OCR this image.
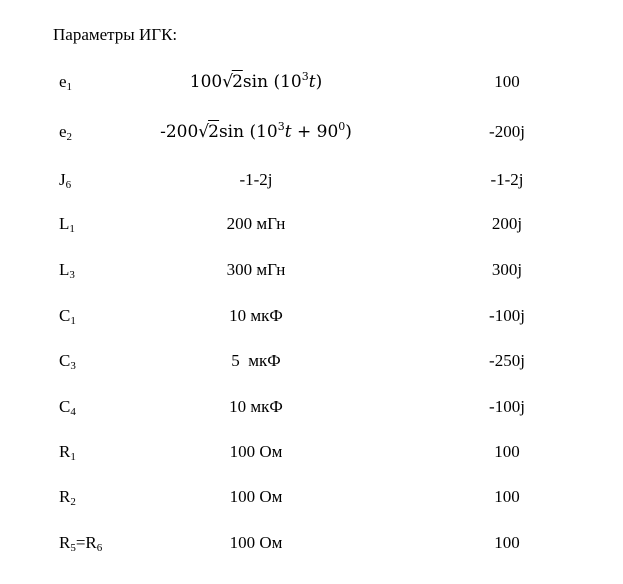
Параметры ИГК:
$e_1$	100√2sin $(10^3t)$	100
$e_2$	-200√2sin $(10^3t + 90^0)$	-200j
$J_6$	-1-2j	-1-2j
$L_1$	200 мГн	200j
$L_3$	300 мГн	300j
$C_1$	10 мкФ	-100j
$C_3$	5  мкФ	-250j
$C_4$	10 мкФ	-100j
$R_1$	100 Ом	100
$R_2$	100 Ом	100
$R_5=R_6$	100 Ом	100
